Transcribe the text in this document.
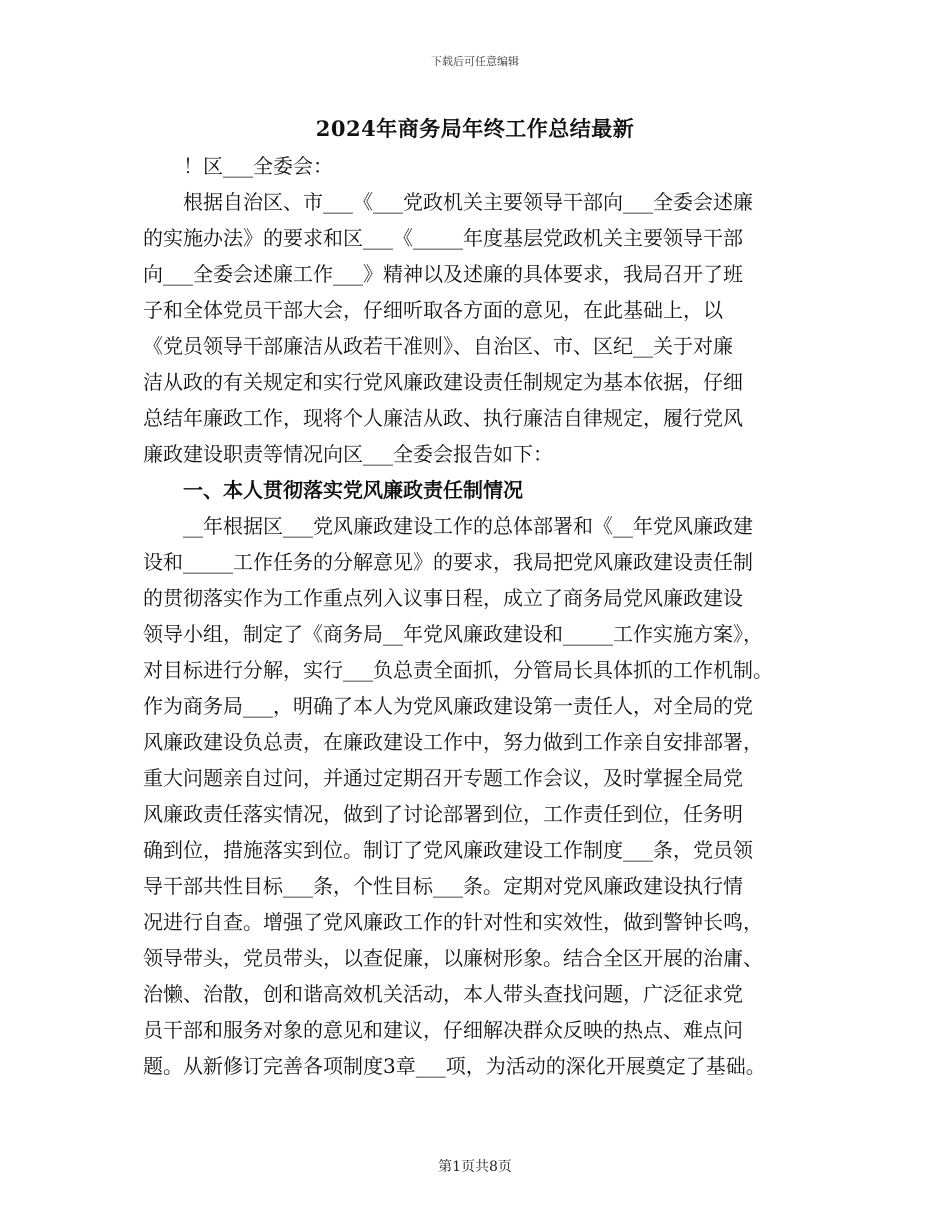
下载后可任意编辑
2024年商务局年终工作总结最新
！区___全委会：
根据自治区、市___《___党政机关主要领导干部向___全委会述廉
的实施办法》的要求和区___《_____年度基层党政机关主要领导干部
向___全委会述廉工作___》精神以及述廉的具体要求，我局召开了班
子和全体党员干部大会，仔细听取各方面的意见，在此基础上，以
《党员领导干部廉洁从政若干准则》、自治区、市、区纪__关于对廉
洁从政的有关规定和实行党风廉政建设责任制规定为基本依据，仔细
总结年廉政工作，现将个人廉洁从政、执行廉洁自律规定，履行党风
廉政建设职责等情况向区___全委会报告如下：
一、本人贯彻落实党风廉政责任制情况
__年根据区___党风廉政建设工作的总体部署和《__年党风廉政建
设和_____工作任务的分解意见》的要求，我局把党风廉政建设责任制
的贯彻落实作为工作重点列入议事日程，成立了商务局党风廉政建设
领导小组，制定了《商务局__年党风廉政建设和_____工作实施方案》，
对目标进行分解，实行___负总责全面抓，分管局长具体抓的工作机制。
作为商务局___，明确了本人为党风廉政建设第一责任人，对全局的党
风廉政建设负总责，在廉政建设工作中，努力做到工作亲自安排部署，
重大问题亲自过问，并通过定期召开专题工作会议，及时掌握全局党
风廉政责任落实情况，做到了讨论部署到位，工作责任到位，任务明
确到位，措施落实到位。制订了党风廉政建设工作制度___条，党员领
导干部共性目标___条，个性目标___条。定期对党风廉政建设执行情
况进行自查。增强了党风廉政工作的针对性和实效性，做到警钟长鸣，
领导带头，党员带头，以查促廉，以廉树形象。结合全区开展的治庸、
治懒、治散，创和谐高效机关活动，本人带头查找问题，广泛征求党
员干部和服务对象的意见和建议，仔细解决群众反映的热点、难点问
题。从新修订完善各项制度3章___项，为活动的深化开展奠定了基础。
第1页共8页
